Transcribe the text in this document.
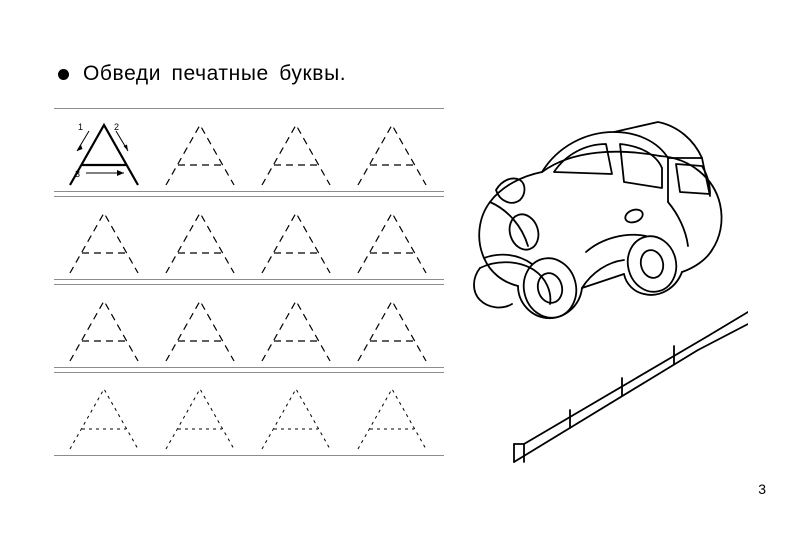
Обведи печатные буквы.
1	2
3
3
